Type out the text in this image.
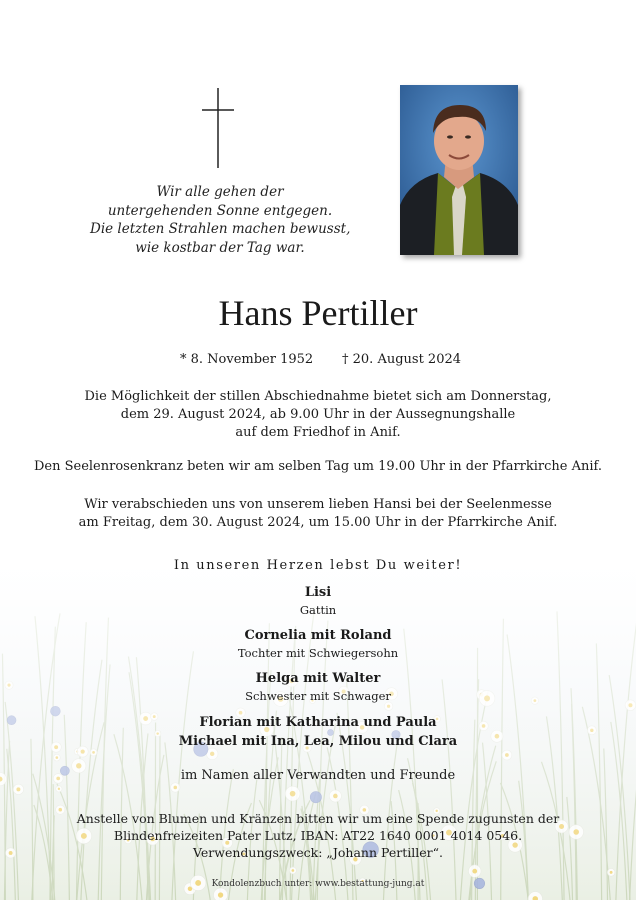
Wir alle gehen der
untergehenden Sonne entgegen.
Die letzten Strahlen machen bewusst,
wie kostbar der Tag war.
Hans Pertiller
* 8. November 1952 † 20. August 2024
Die Möglichkeit der stillen Abschiednahme bietet sich am Donnerstag,
dem 29. August 2024, ab 9.00 Uhr in der Aussegnungshalle
auf dem Friedhof in Anif.
Den Seelenrosenkranz beten wir am selben Tag um 19.00 Uhr in der Pfarrkirche Anif.
Wir verabschieden uns von unserem lieben Hansi bei der Seelenmesse
am Freitag, dem 30. August 2024, um 15.00 Uhr in der Pfarrkirche Anif.
In unseren Herzen lebst Du weiter!
Lisi
Gattin
Cornelia mit Roland
Tochter mit Schwiegersohn
Helga mit Walter
Schwester mit Schwager
Florian mit Katharina und Paula
Michael mit Ina, Lea, Milou und Clara
im Namen aller Verwandten und Freunde
Anstelle von Blumen und Kränzen bitten wir um eine Spende zugunsten der
Blindenfreizeiten Pater Lutz, IBAN: AT22 1640 0001 4014 0546.
Verwendungszweck: „Johann Pertiller“.
Kondolenzbuch unter: www.bestattung-jung.at
